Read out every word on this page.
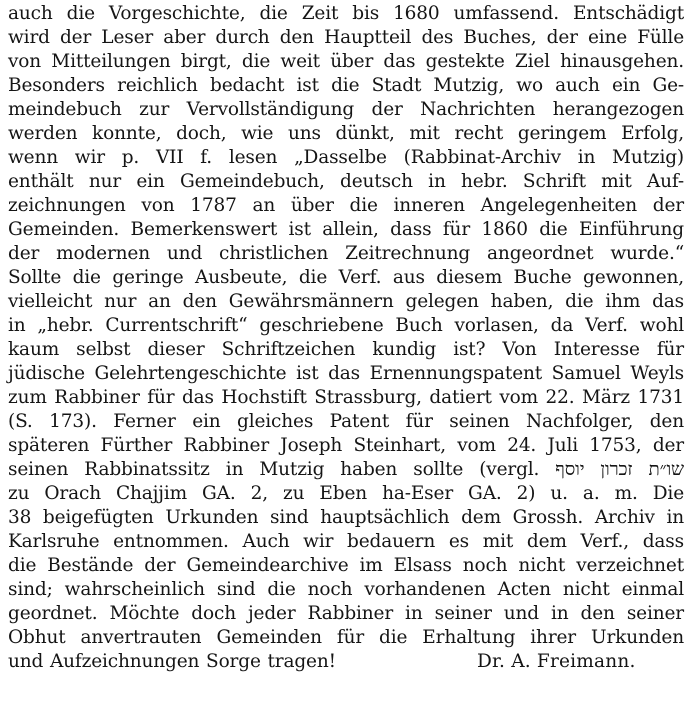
auch die Vorgeschichte, die Zeit bis 1680 umfassend. Entschädigt
wird der Leser aber durch den Hauptteil des Buches, der eine Fülle
von Mitteilungen birgt, die weit über das gestekte Ziel hinausgehen.
Besonders reichlich bedacht ist die Stadt Mutzig, wo auch ein Ge-
meindebuch zur Vervollständigung der Nachrichten herangezogen
werden konnte, doch, wie uns dünkt, mit recht geringem Erfolg,
wenn wir p. VII f. lesen „Dasselbe (Rabbinat-Archiv in Mutzig)
enthält nur ein Gemeindebuch, deutsch in hebr. Schrift mit Auf-
zeichnungen von 1787 an über die inneren Angelegenheiten der
Gemeinden. Bemerkenswert ist allein, dass für 1860 die Einführung
der modernen und christlichen Zeitrechnung angeordnet wurde.“
Sollte die geringe Ausbeute, die Verf. aus diesem Buche gewonnen,
vielleicht nur an den Gewährsmännern gelegen haben, die ihm das
in „hebr. Currentschrift“ geschriebene Buch vorlasen, da Verf. wohl
kaum selbst dieser Schriftzeichen kundig ist? Von Interesse für
jüdische Gelehrtengeschichte ist das Ernennungspatent Samuel Weyls
zum Rabbiner für das Hochstift Strassburg, datiert vom 22. März 1731
(S. 173). Ferner ein gleiches Patent für seinen Nachfolger, den
späteren Fürther Rabbiner Joseph Steinhart, vom 24. Juli 1753, der
seinen Rabbinatssitz in Mutzig haben sollte (vergl. שו״ת זכרון יוסף
zu Orach Chajjim GA. 2, zu Eben ha-Eser GA. 2) u. a. m. Die
38 beigefügten Urkunden sind hauptsächlich dem Grossh. Archiv in
Karlsruhe entnommen. Auch wir bedauern es mit dem Verf., dass
die Bestände der Gemeindearchive im Elsass noch nicht verzeichnet
sind; wahrscheinlich sind die noch vorhandenen Acten nicht einmal
geordnet. Möchte doch jeder Rabbiner in seiner und in den seiner
Obhut anvertrauten Gemeinden für die Erhaltung ihrer Urkunden
und Aufzeichnungen Sorge tragen!	Dr. A. Freimann.
